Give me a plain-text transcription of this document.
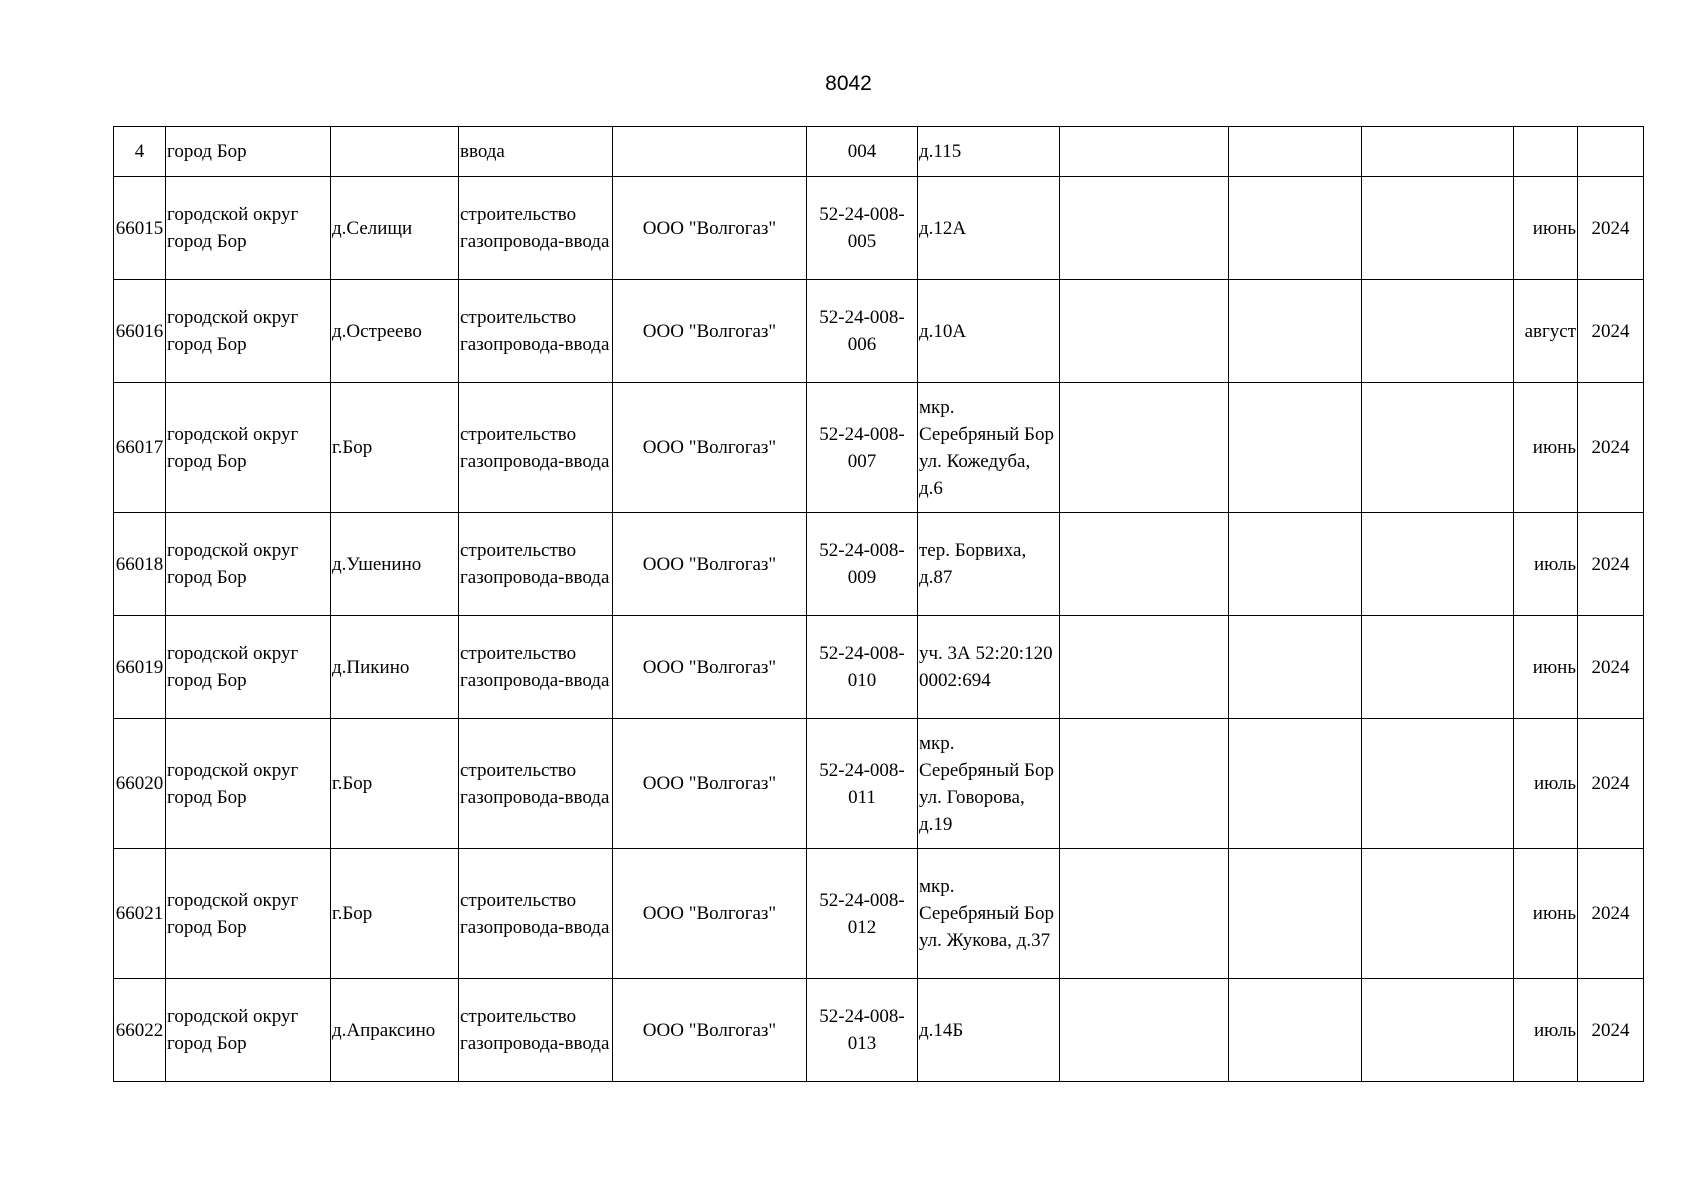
8042
4	город Бор		ввода		004	д.115					
66015	городской округ город Бор	д.Селищи	строительство газопровода-ввода	ООО "Волгогаз"	52-24-008-005	д.12А				июнь	2024
66016	городской округ город Бор	д.Остреево	строительство газопровода-ввода	ООО "Волгогаз"	52-24-008-006	д.10А				август	2024
66017	городской округ город Бор	г.Бор	строительство газопровода-ввода	ООО "Волгогаз"	52-24-008-007	мкр. Серебряный Бор ул. Кожедуба, д.6				июнь	2024
66018	городской округ город Бор	д.Ушенино	строительство газопровода-ввода	ООО "Волгогаз"	52-24-008-009	тер. Борвиха, д.87				июль	2024
66019	городской округ город Бор	д.Пикино	строительство газопровода-ввода	ООО "Волгогаз"	52-24-008-010	уч. 3А 52:20:1200002:694				июнь	2024
66020	городской округ город Бор	г.Бор	строительство газопровода-ввода	ООО "Волгогаз"	52-24-008-011	мкр. Серебряный Бор ул. Говорова, д.19				июль	2024
66021	городской округ город Бор	г.Бор	строительство газопровода-ввода	ООО "Волгогаз"	52-24-008-012	мкр. Серебряный Бор ул. Жукова, д.37				июнь	2024
66022	городской округ город Бор	д.Апраксино	строительство газопровода-ввода	ООО "Волгогаз"	52-24-008-013	д.14Б				июль	2024
